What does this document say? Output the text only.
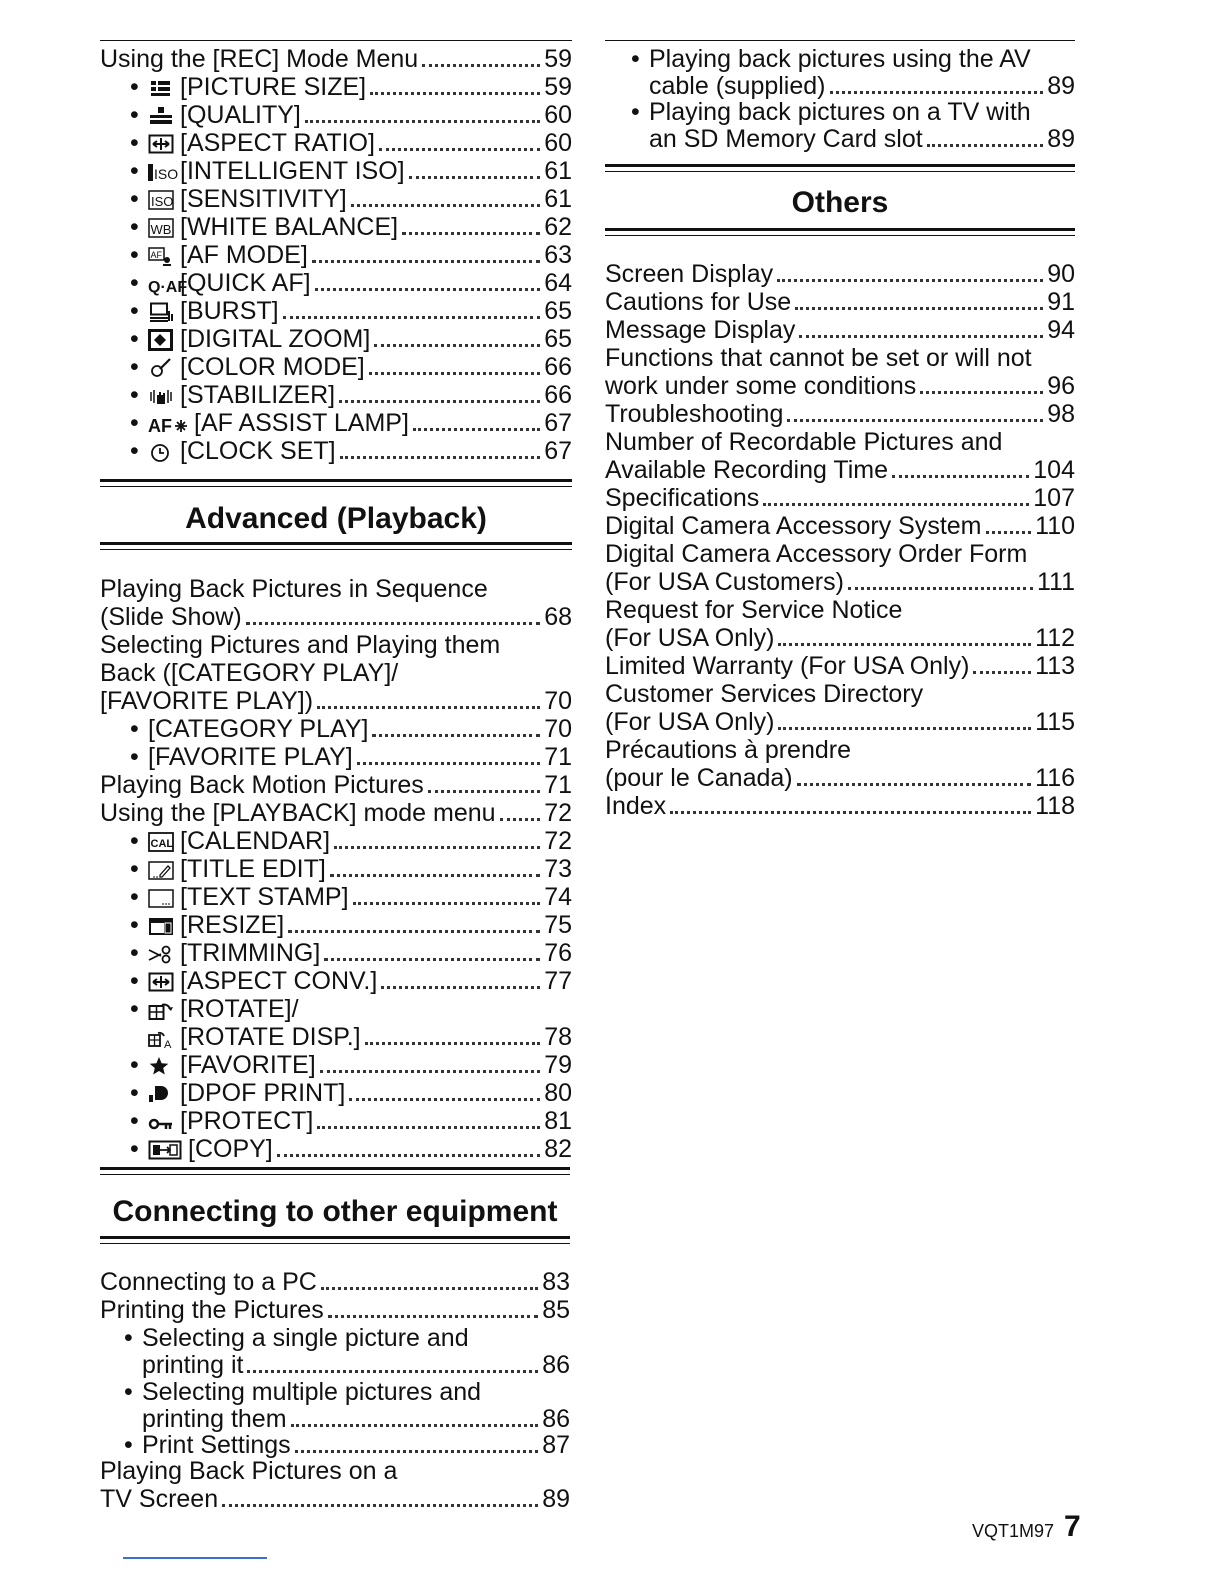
Using the [REC] Mode Menu	59
•	[PICTURE SIZE]	59
•	[QUALITY]	60
•	[ASPECT RATIO]	60
•	ISO [INTELLIGENT ISO]	61
• ISO [SENSITIVITY]	61
• WB [WHITE BALANCE]	62
•	AF [AF MODE]	63
• Q·AF
[QUICK AF]	64
•	[BURST]	65
•	[DIGITAL ZOOM]	65
•	[COLOR MODE]	66
•	[STABILIZER]	66
• AF [AF ASSIST LAMP]	67
•	[CLOCK SET]	67
Advanced (Playback)
Playing Back Pictures in Sequence
(Slide Show)	68
Selecting Pictures and Playing them
Back ([CATEGORY PLAY]/
[FAVORITE PLAY])	70
• [CATEGORY PLAY]	70
• [FAVORITE PLAY]	71
Playing Back Motion Pictures	71
Using the [PLAYBACK] mode menu 72
•	CAL [CALENDAR]	72
•	[TITLE EDIT]	73
•	[TEXT STAMP]	74
•	[RESIZE]	75
•	[TRIMMING]	76
•	[ASPECT CONV.]	77
•	[ROTATE]/
A [ROTATE DISP.]	78
•	[FAVORITE]	79
•	[DPOF PRINT]	80
•	[PROTECT]	81
•	[COPY]	82
Connecting to other equipment
Connecting to a PC	83
Printing the Pictures	85
• Selecting a single picture and
printing it	86
• Selecting multiple pictures and
printing them	86
• Print Settings	87
Playing Back Pictures on a
TV Screen	89
• Playing back pictures using the AV
cable (supplied)	89
• Playing back pictures on a TV with
an SD Memory Card slot	89
Others
Screen Display	90
Cautions for Use	91
Message Display	94
Functions that cannot be set or will not
work under some conditions	96
Troubleshooting	98
Number of Recordable Pictures and
Available Recording Time	104
Specifications	107
Digital Camera Accessory System 110
Digital Camera Accessory Order Form
(For USA Customers)	111
Request for Service Notice
(For USA Only)	112
Limited Warranty (For USA Only)	113
Customer Services Directory
(For USA Only)	115
Précautions à prendre
(pour le Canada)	116
Index	118
VQT1M97 7
